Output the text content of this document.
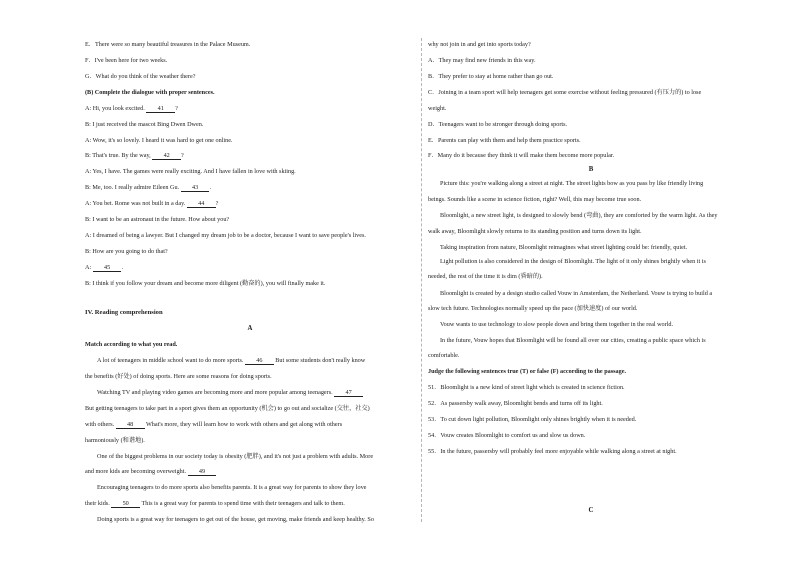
E．There were so many beautiful treasures in the Palace Museum.
F．I've been here for two weeks.
G．What do you think of the weather there?
(B) Complete the dialogue with proper sentences.
A: Hi, you look excited.       41      ?
B: I just received the mascot Bing Dwen Dwen.
A: Wow, it's so lovely. I heard it was hard to get one online.
B: That's true. By the way,       42      ?
A: Yes, I have. The games were really exciting. And I have fallen in love with skiing.
B: Me, too. I really admire Eileen Gu.       43      .
A: You bet. Rome was not built in a day.       44      ?
B: I want to be an astronaut in the future. How about you?
A: I dreamed of being a lawyer. But I changed my dream job to be a doctor, because I want to save people's lives.
B: How are you going to do that?
A:       45      .
B: I think if you follow your dream and become more diligent (勤奋的), you will finally make it.
IV. Reading comprehension
A
Match according to what you read.
A lot of teenagers in middle school want to do more sports.       46       But some students don't really know
the benefits (好处) of doing sports. Here are some reasons for doing sports.
Watching TV and playing video games are becoming more and more popular among teenagers.       47
But getting teenagers to take part in a sport gives them an opportunity (机会) to go out and socialize (交往，社交)
with others.       48       What's more, they will learn how to work with others and get along with others
harmoniously (和谐地).
One of the biggest problems in our society today is obesity (肥胖), and it's not just a problem with adults. More
and more kids are becoming overweight.       49
Encouraging teenagers to do more sports also benefits parents. It is a great way for parents to show they love
their kids.       50       This is a great way for parents to spend time with their teenagers and talk to them.
Doing sports is a great way for teenagers to get out of the house, get moving, make friends and keep healthy. So
why not join in and get into sports today?
A．They may find new friends in this way.
B．They prefer to stay at home rather than go out.
C．Joining in a team sport will help teenagers get some exercise without feeling pressured (有压力的) to lose
weight.
D．Teenagers want to be stronger through doing sports.
E．Parents can play with them and help them practice sports.
F．Many do it because they think it will make them become more popular.
B
Picture this: you're walking along a street at night. The street lights bow as you pass by like friendly living
beings. Sounds like a scene in science fiction, right? Well, this may become true soon.
Bloomlight, a new street light, is designed to slowly bend (弯曲), they are comforted by the warm light. As they
walk away, Bloomlight slowly returns to its standing position and turns down its light.
Taking inspiration from nature, Bloomlight reimagines what street lighting could be: friendly, quiet.
Light pollution is also considered in the design of Bloomlight. The light of it only shines brightly when it is
needed, the rest of the time it is dim (昏暗的).
Bloomlight is created by a design studio called Vouw in Amsterdam, the Netherland. Vouw is trying to build a
slow tech future. Technologies normally speed up the pace (加快速度) of our world.
Vouw wants to use technology to slow people down and bring them together in the real world.
In the future, Vouw hopes that Bloomlight will be found all over our cities, creating a public space which is
comfortable.
Judge the following sentences true (T) or false (F) according to the passage.
51．Bloomlight is a new kind of street light which is created in science fiction.
52．As passersby walk away, Bloomlight bends and turns off its light.
53．To cut down light pollution, Bloomlight only shines brightly when it is needed.
54．Vouw creates Bloomlight to comfort us and slow us down.
55．In the future, passersby will probably feel more enjoyable while walking along a street at night.
C
